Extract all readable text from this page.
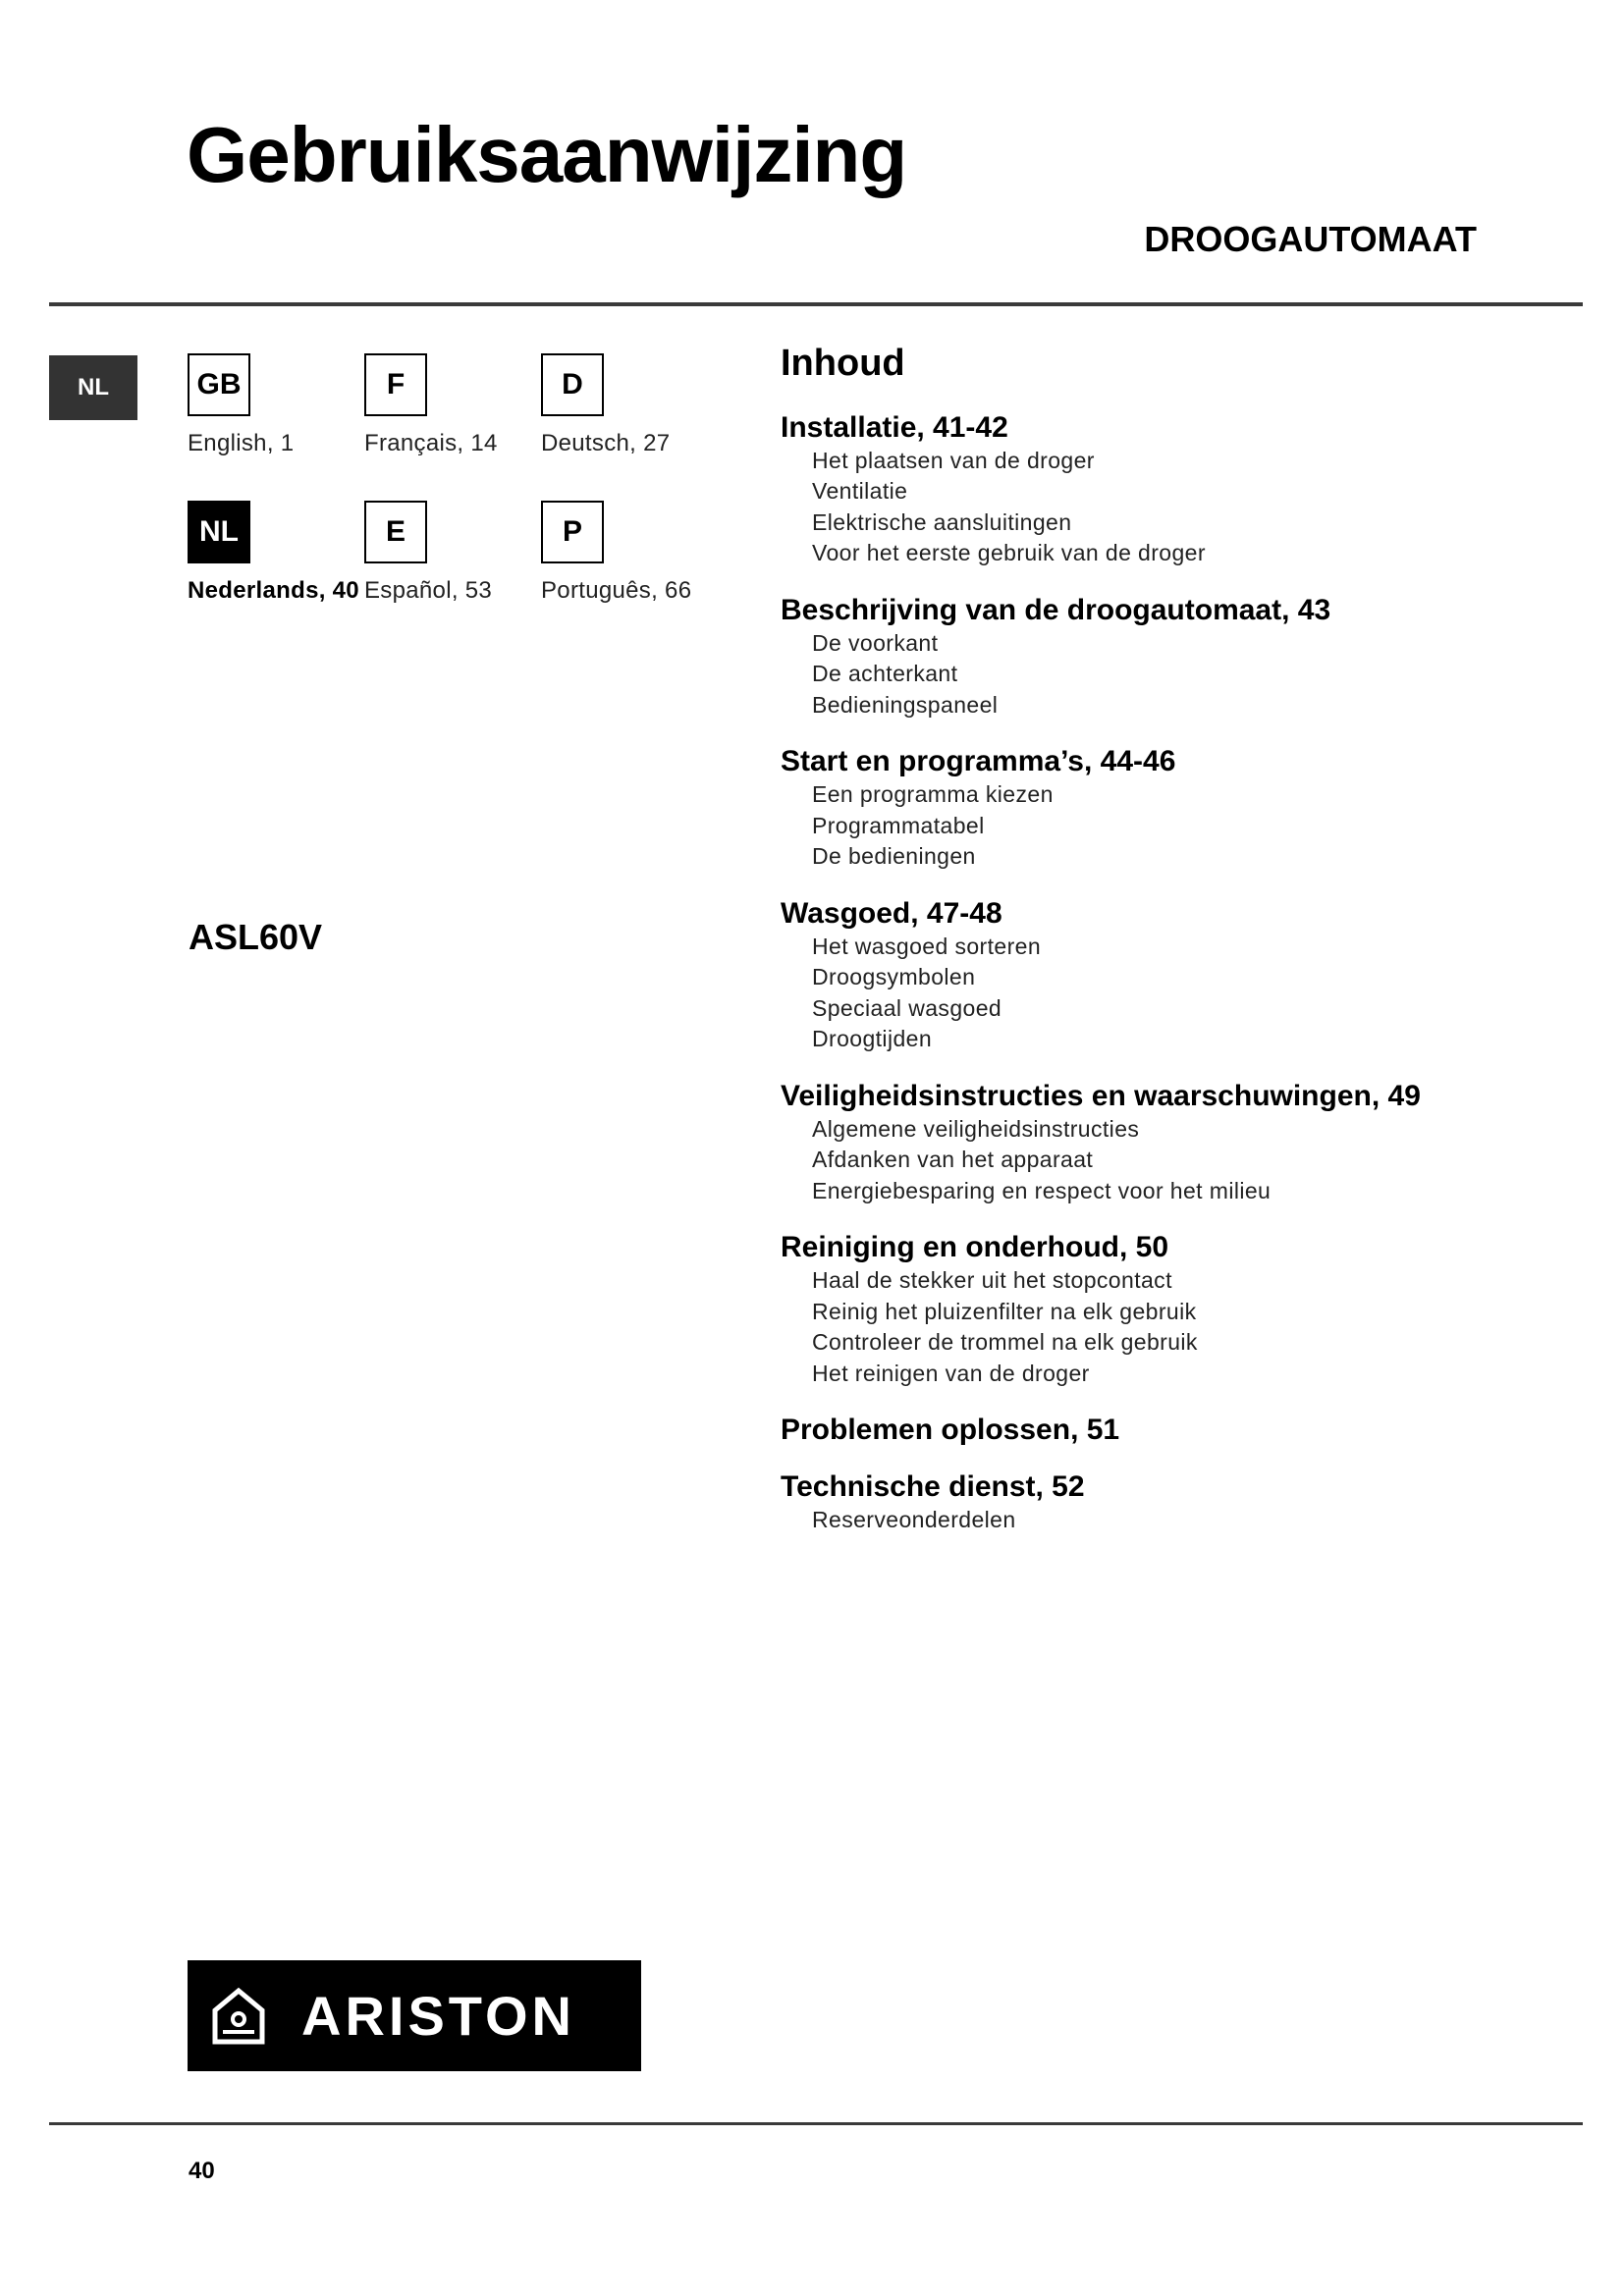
Gebruiksaanwijzing
DROOGAUTOMAAT
NL	GB
English, 1
F
Français, 14
D
Deutsch, 27
NL
Nederlands, 40
E
Español, 53
P
Português, 66
ASL60V
Inhoud
Installatie, 41-42
Het plaatsen van de droger
Ventilatie
Elektrische aansluitingen
Voor het eerste gebruik van de droger
Beschrijving van de droogautomaat, 43
De voorkant
De achterkant
Bedieningspaneel
Start en programma’s, 44-46
Een programma kiezen
Programmatabel
De bedieningen
Wasgoed, 47-48
Het wasgoed sorteren
Droogsymbolen
Speciaal wasgoed
Droogtijden
Veiligheidsinstructies en waarschuwingen, 49
Algemene veiligheidsinstructies
Afdanken van het apparaat
Energiebesparing en respect voor het milieu
Reiniging en onderhoud, 50
Haal de stekker uit het stopcontact
Reinig het pluizenfilter na elk gebruik
Controleer de trommel na elk gebruik
Het reinigen van de droger
Problemen oplossen, 51
Technische dienst, 52
Reserveonderdelen
ARISTON
40
